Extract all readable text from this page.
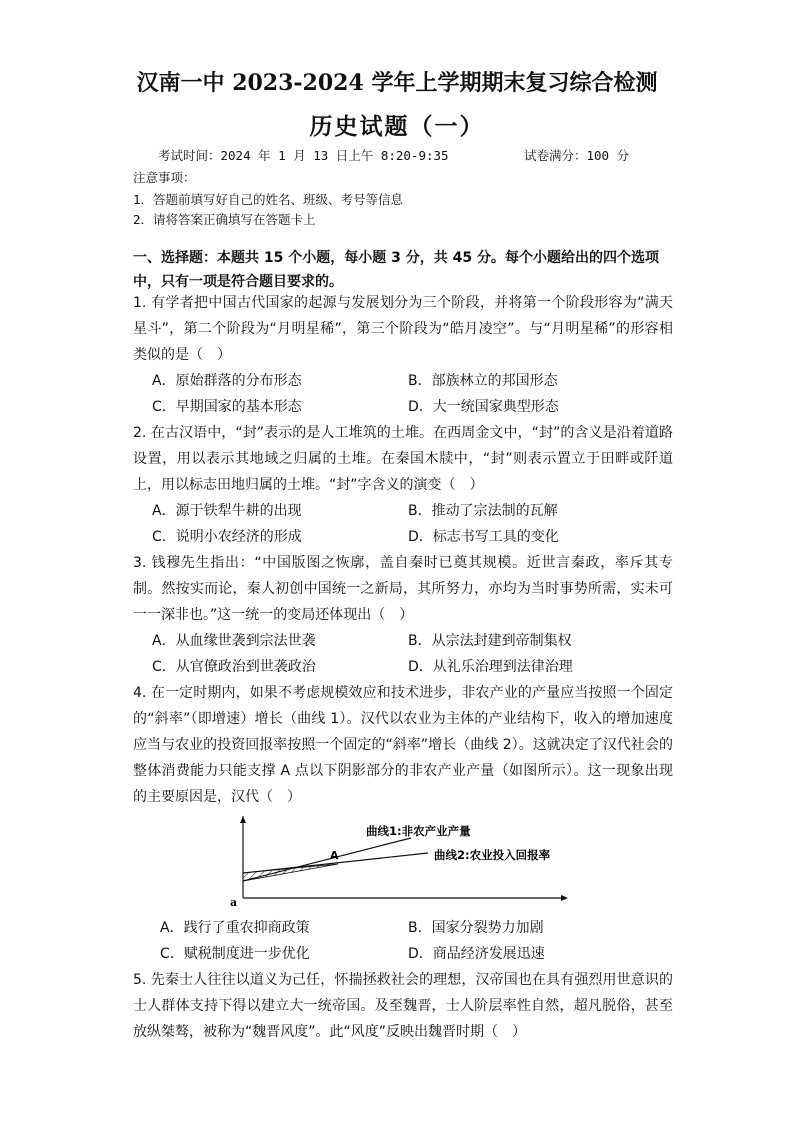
汉南一中 2023-2024 学年上学期期末复习综合检测
历史试题（一）
考试时间：2024 年 1 月 13 日上午 8:20-9:35	试卷满分：100 分
注意事项：
1．答题前填写好自己的姓名、班级、考号等信息
2．请将答案正确填写在答题卡上
一、选择题：本题共 15 个小题，每小题 3 分，共 45 分。每个小题给出的四个选项中，只有一项是符合题目要求的。
1. 有学者把中国古代国家的起源与发展划分为三个阶段，并将第一个阶段形容为“满天星斗”，第二个阶段为“月明星稀”，第三个阶段为“皓月凌空”。与“月明星稀”的形容相类似的是（　）
A．原始群落的分布形态	B．部族林立的邦国形态
C．早期国家的基本形态	D．大一统国家典型形态
2. 在古汉语中，“封”表示的是人工堆筑的土堆。在西周金文中，“封”的含义是沿着道路设置，用以表示其地域之归属的土堆。在秦国木牍中，“封”则表示置立于田畔或阡道上，用以标志田地归属的土堆。“封”字含义的演变（　）
A．源于铁犁牛耕的出现	B．推动了宗法制的瓦解
C．说明小农经济的形成	D．标志书写工具的变化
3. 钱穆先生指出：“中国版图之恢廓，盖自秦时已奠其规模。近世言秦政，率斥其专制。然按实而论，秦人初创中国统一之新局，其所努力，亦均为当时事势所需，实未可一一深非也。”这一统一的变局还体现出（　）
A．从血缘世袭到宗法世袭	B．从宗法封建到帝制集权
C．从官僚政治到世袭政治	D．从礼乐治理到法律治理
4. 在一定时期内，如果不考虑规模效应和技术进步，非农产业的产量应当按照一个固定的“斜率”（即增速）增长（曲线 1）。汉代以农业为主体的产业结构下，收入的增加速度应当与农业的投资回报率按照一个固定的“斜率”增长（曲线 2）。这就决定了汉代社会的整体消费能力只能支撑 A 点以下阴影部分的非农产业产量（如图所示）。这一现象出现的主要原因是，汉代（　）
A
a
曲线1:非农产业产量
曲线2:农业投入回报率
A．践行了重农抑商政策	B．国家分裂势力加剧
C．赋税制度进一步优化	D．商品经济发展迅速
5. 先秦士人往往以道义为己任，怀揣拯救社会的理想，汉帝国也在具有强烈用世意识的士人群体支持下得以建立大一统帝国。及至魏晋，士人阶层率性自然，超凡脱俗，甚至放纵桀骜，被称为“魏晋风度”。此“风度”反映出魏晋时期（　）
